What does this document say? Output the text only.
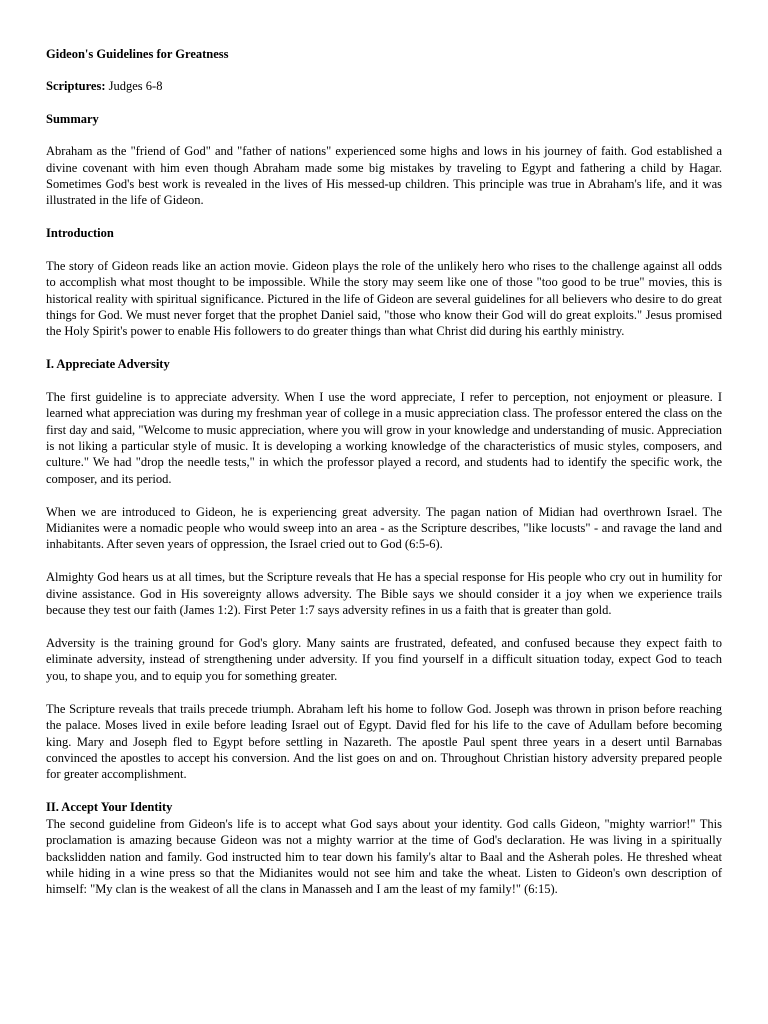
Gideon's Guidelines for Greatness
Scriptures: Judges 6-8
Summary

Abraham as the "friend of God" and "father of nations" experienced some highs and lows in his journey of faith. God established a divine covenant with him even though Abraham made some big mistakes by traveling to Egypt and fathering a child by Hagar. Sometimes God's best work is revealed in the lives of His messed-up children. This principle was true in Abraham's life, and it was illustrated in the life of Gideon.

Introduction

The story of Gideon reads like an action movie. Gideon plays the role of the unlikely hero who rises to the challenge against all odds to accomplish what most thought to be impossible. While the story may seem like one of those "too good to be true" movies, this is historical reality with spiritual significance. Pictured in the life of Gideon are several guidelines for all believers who desire to do great things for God. We must never forget that the prophet Daniel said, "those who know their God will do great exploits." Jesus promised the Holy Spirit's power to enable His followers to do greater things than what Christ did during his earthly ministry.

I. Appreciate Adversity

The first guideline is to appreciate adversity. When I use the word appreciate, I refer to perception, not enjoyment or pleasure. I learned what appreciation was during my freshman year of college in a music appreciation class. The professor entered the class on the first day and said, "Welcome to music appreciation, where you will grow in your knowledge and understanding of music. Appreciation is not liking a particular style of music. It is developing a working knowledge of the characteristics of music styles, composers, and culture." We had "drop the needle tests," in which the professor played a record, and students had to identify the specific work, the composer, and its period.

When we are introduced to Gideon, he is experiencing great adversity. The pagan nation of Midian had overthrown Israel. The Midianites were a nomadic people who would sweep into an area - as the Scripture describes, "like locusts" - and ravage the land and inhabitants. After seven years of oppression, the Israel cried out to God (6:5-6).

Almighty God hears us at all times, but the Scripture reveals that He has a special response for His people who cry out in humility for divine assistance. God in His sovereignty allows adversity. The Bible says we should consider it a joy when we experience trails because they test our faith (James 1:2). First Peter 1:7 says adversity refines in us a faith that is greater than gold.

Adversity is the training ground for God's glory. Many saints are frustrated, defeated, and confused because they expect faith to eliminate adversity, instead of strengthening under adversity. If you find yourself in a difficult situation today, expect God to teach you, to shape you, and to equip you for something greater.

The Scripture reveals that trails precede triumph. Abraham left his home to follow God. Joseph was thrown in prison before reaching the palace. Moses lived in exile before leading Israel out of Egypt. David fled for his life to the cave of Adullam before becoming king. Mary and Joseph fled to Egypt before settling in Nazareth. The apostle Paul spent three years in a desert until Barnabas convinced the apostles to accept his conversion. And the list goes on and on. Throughout Christian history adversity prepared people for greater accomplishment.

II. Accept Your Identity

The second guideline from Gideon's life is to accept what God says about your identity. God calls Gideon, "mighty warrior!" This proclamation is amazing because Gideon was not a mighty warrior at the time of God's declaration. He was living in a spiritually backslidden nation and family. God instructed him to tear down his family's altar to Baal and the Asherah poles. He threshed wheat while hiding in a wine press so that the Midianites would not see him and take the wheat. Listen to Gideon's own description of himself: "My clan is the weakest of all the clans in Manasseh and I am the least of my family!" (6:15).
